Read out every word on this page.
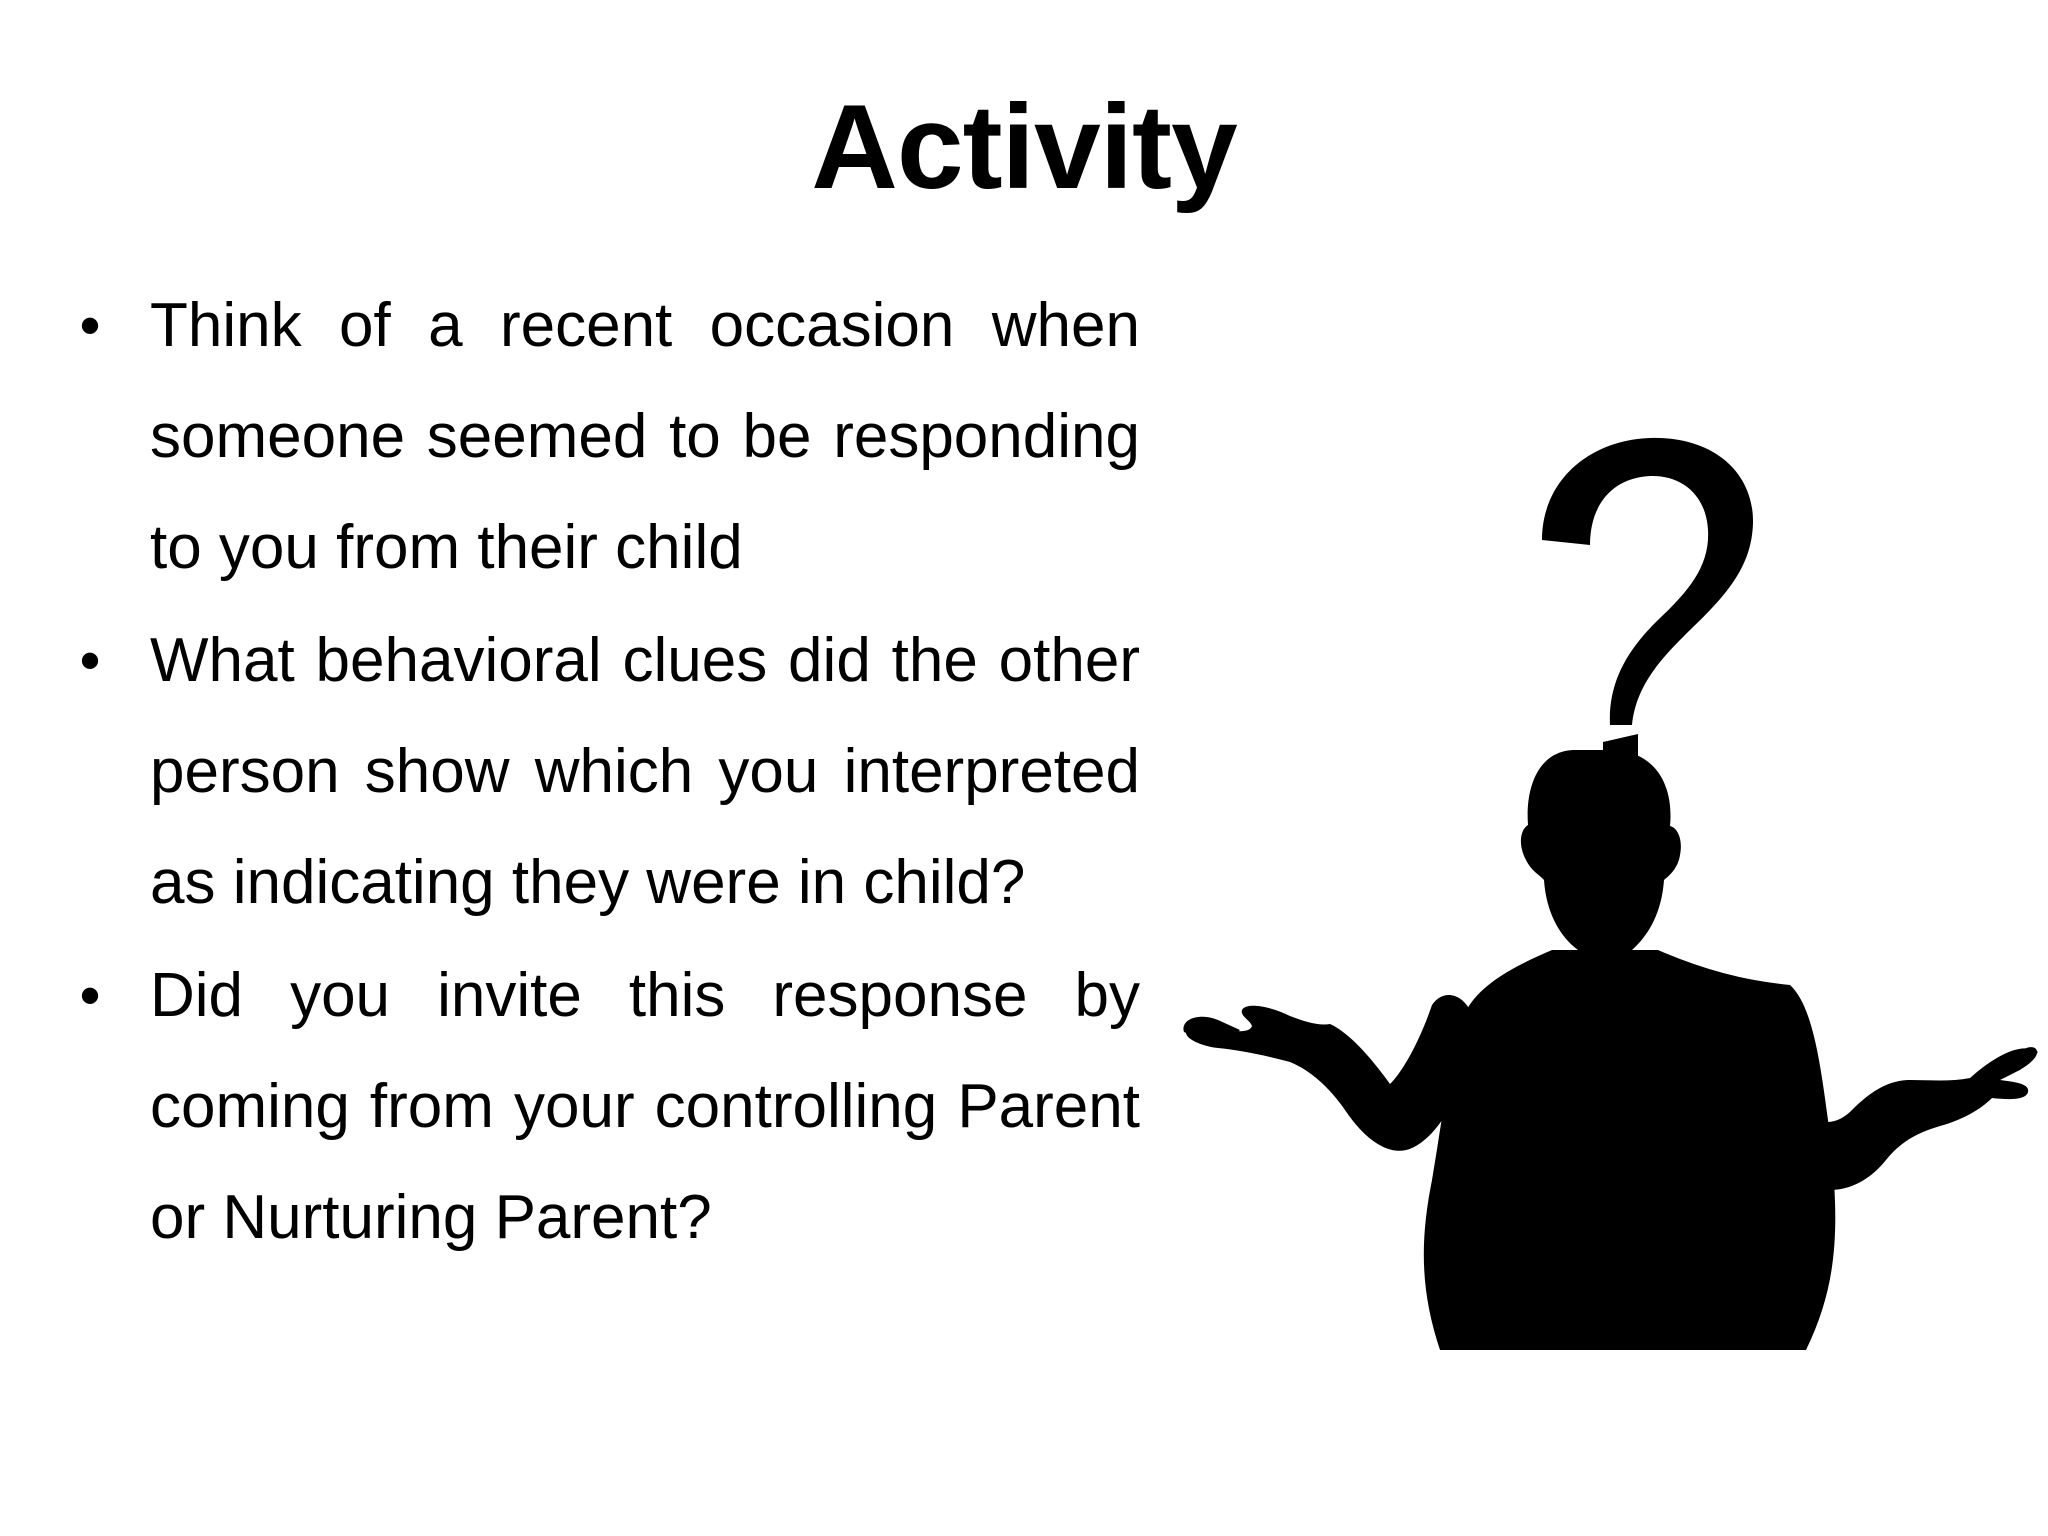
Activity
• Think of a recent occasion when someone seemed to be responding to you from their child
• What behavioral clues did the other person show which you interpreted as indicating they were in child?
• Did you invite this response by coming from your controlling Parent or Nurturing Parent?
